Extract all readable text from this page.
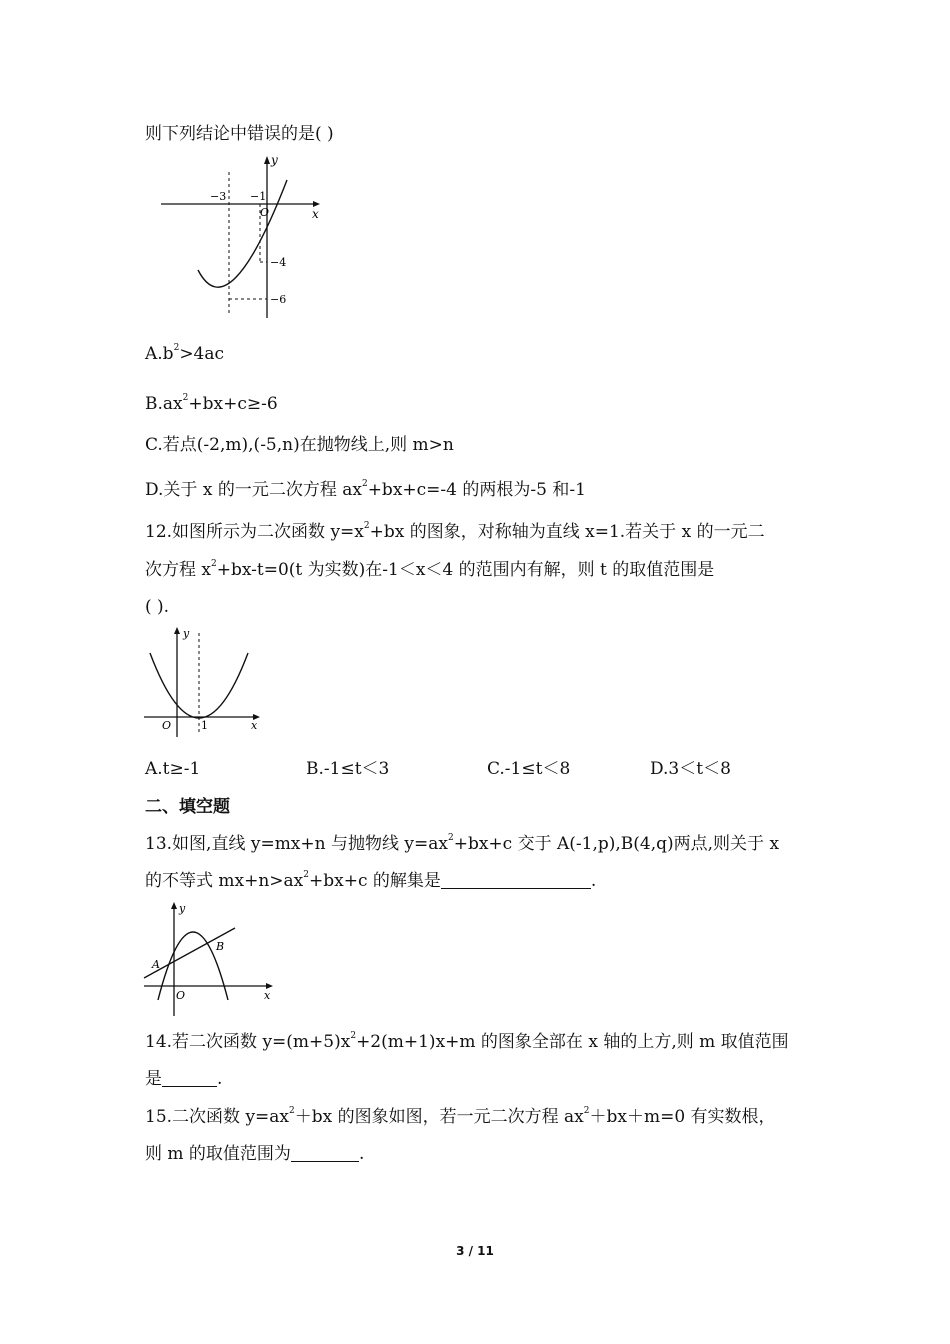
则下列结论中错误的是( )
y
x
O
−3 −1
−4
−6
$A.b^2>4ac$
$B.ax^2+bx+c\ge-6$
C.若点(-2,m),(-5,n)在抛物线上,则 m>n
D.关于 x 的一元二次方程 $ax^2+bx+c=-4$ 的两根为-5 和-1
12.如图所示为二次函数 $y=x^2+bx$ 的图象，对称轴为直线 x=1.若关于 x 的一元二
次方程 $x^2+bx-t=0(t$ 为实数)在-1＜x＜4 的范围内有解，则 t 的取值范围是
( ).
y
x
O	1
A.t≥-1	B.-1≤t＜3	C.-1≤t＜8	D.3＜t＜8
二、填空题
13.如图,直线 y=mx+n 与抛物线 $y=ax^2+bx+c$ 交于 A(-1,p),B(4,q)两点,则关于 x
的不等式 $mx+n>ax^2+bx+c$ 的解集是	.
y
x
O
A
B
14.若二次函数 $y=(m+5)x^2+2(m+1)x+m$ 的图象全部在 x 轴的上方,则 m 取值范围
是	.
15.二次函数 $y=ax^2+bx$ 的图象如图，若一元二次方程 $ax^2+bx+m=0$ 有实数根，
则 m 的取值范围为	.
3 / 11
